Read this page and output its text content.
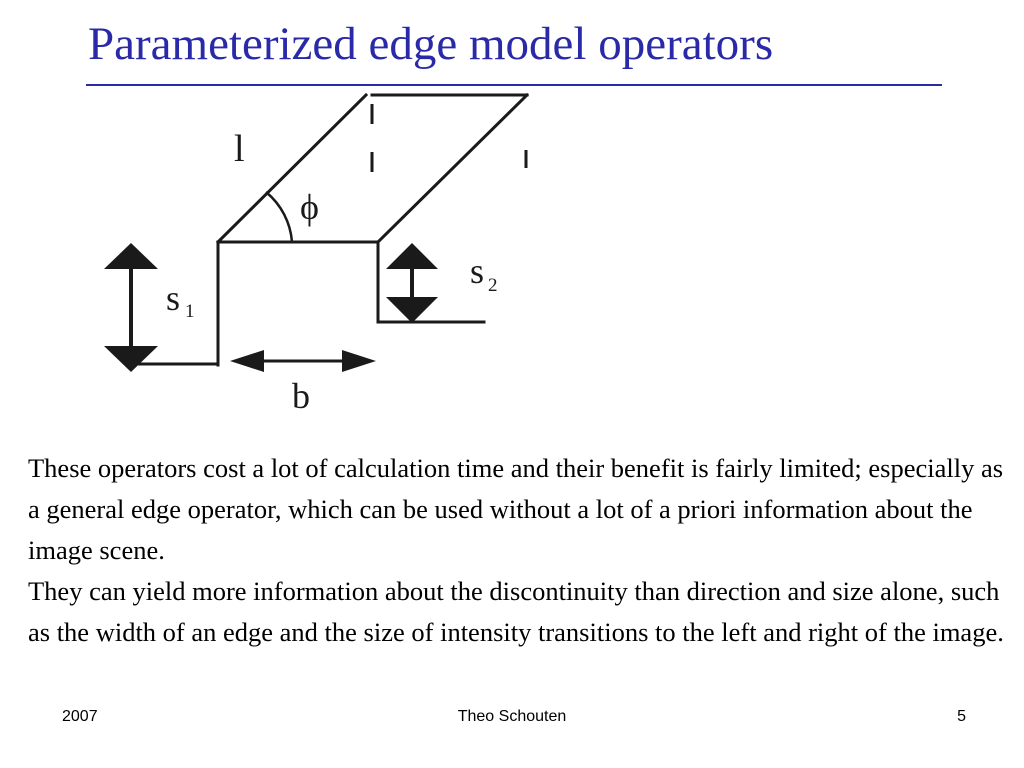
Parameterized edge model operators
l
ϕ
s 1
s 2
b

These operators cost a lot of calculation time and their benefit is fairly limited; especially as a general edge operator, which can be used without a lot of a priori information about the image scene.

They can yield more information about the discontinuity than direction and size alone, such as the width of an edge and the size of intensity transitions to the left and right of the image.

2007	Theo Schouten	5
